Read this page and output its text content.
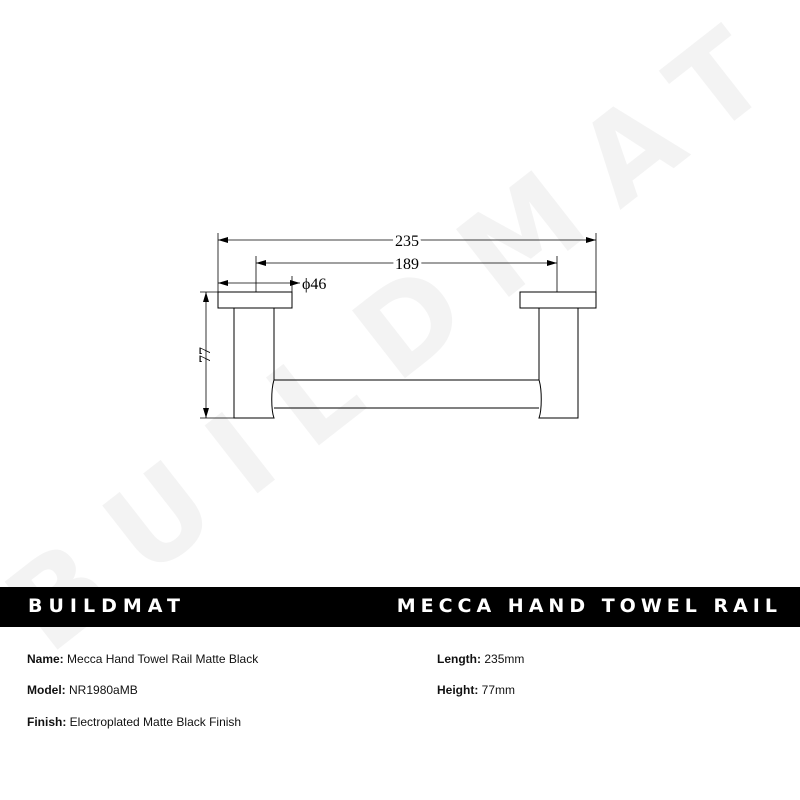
235
189
ϕ46
77
BUILDMAT	MECCA HAND TOWEL RAIL
Name: Mecca Hand Towel Rail Matte Black
Model: NR1980aMB
Finish: Electroplated Matte Black Finish
Length: 235mm
Height: 77mm
